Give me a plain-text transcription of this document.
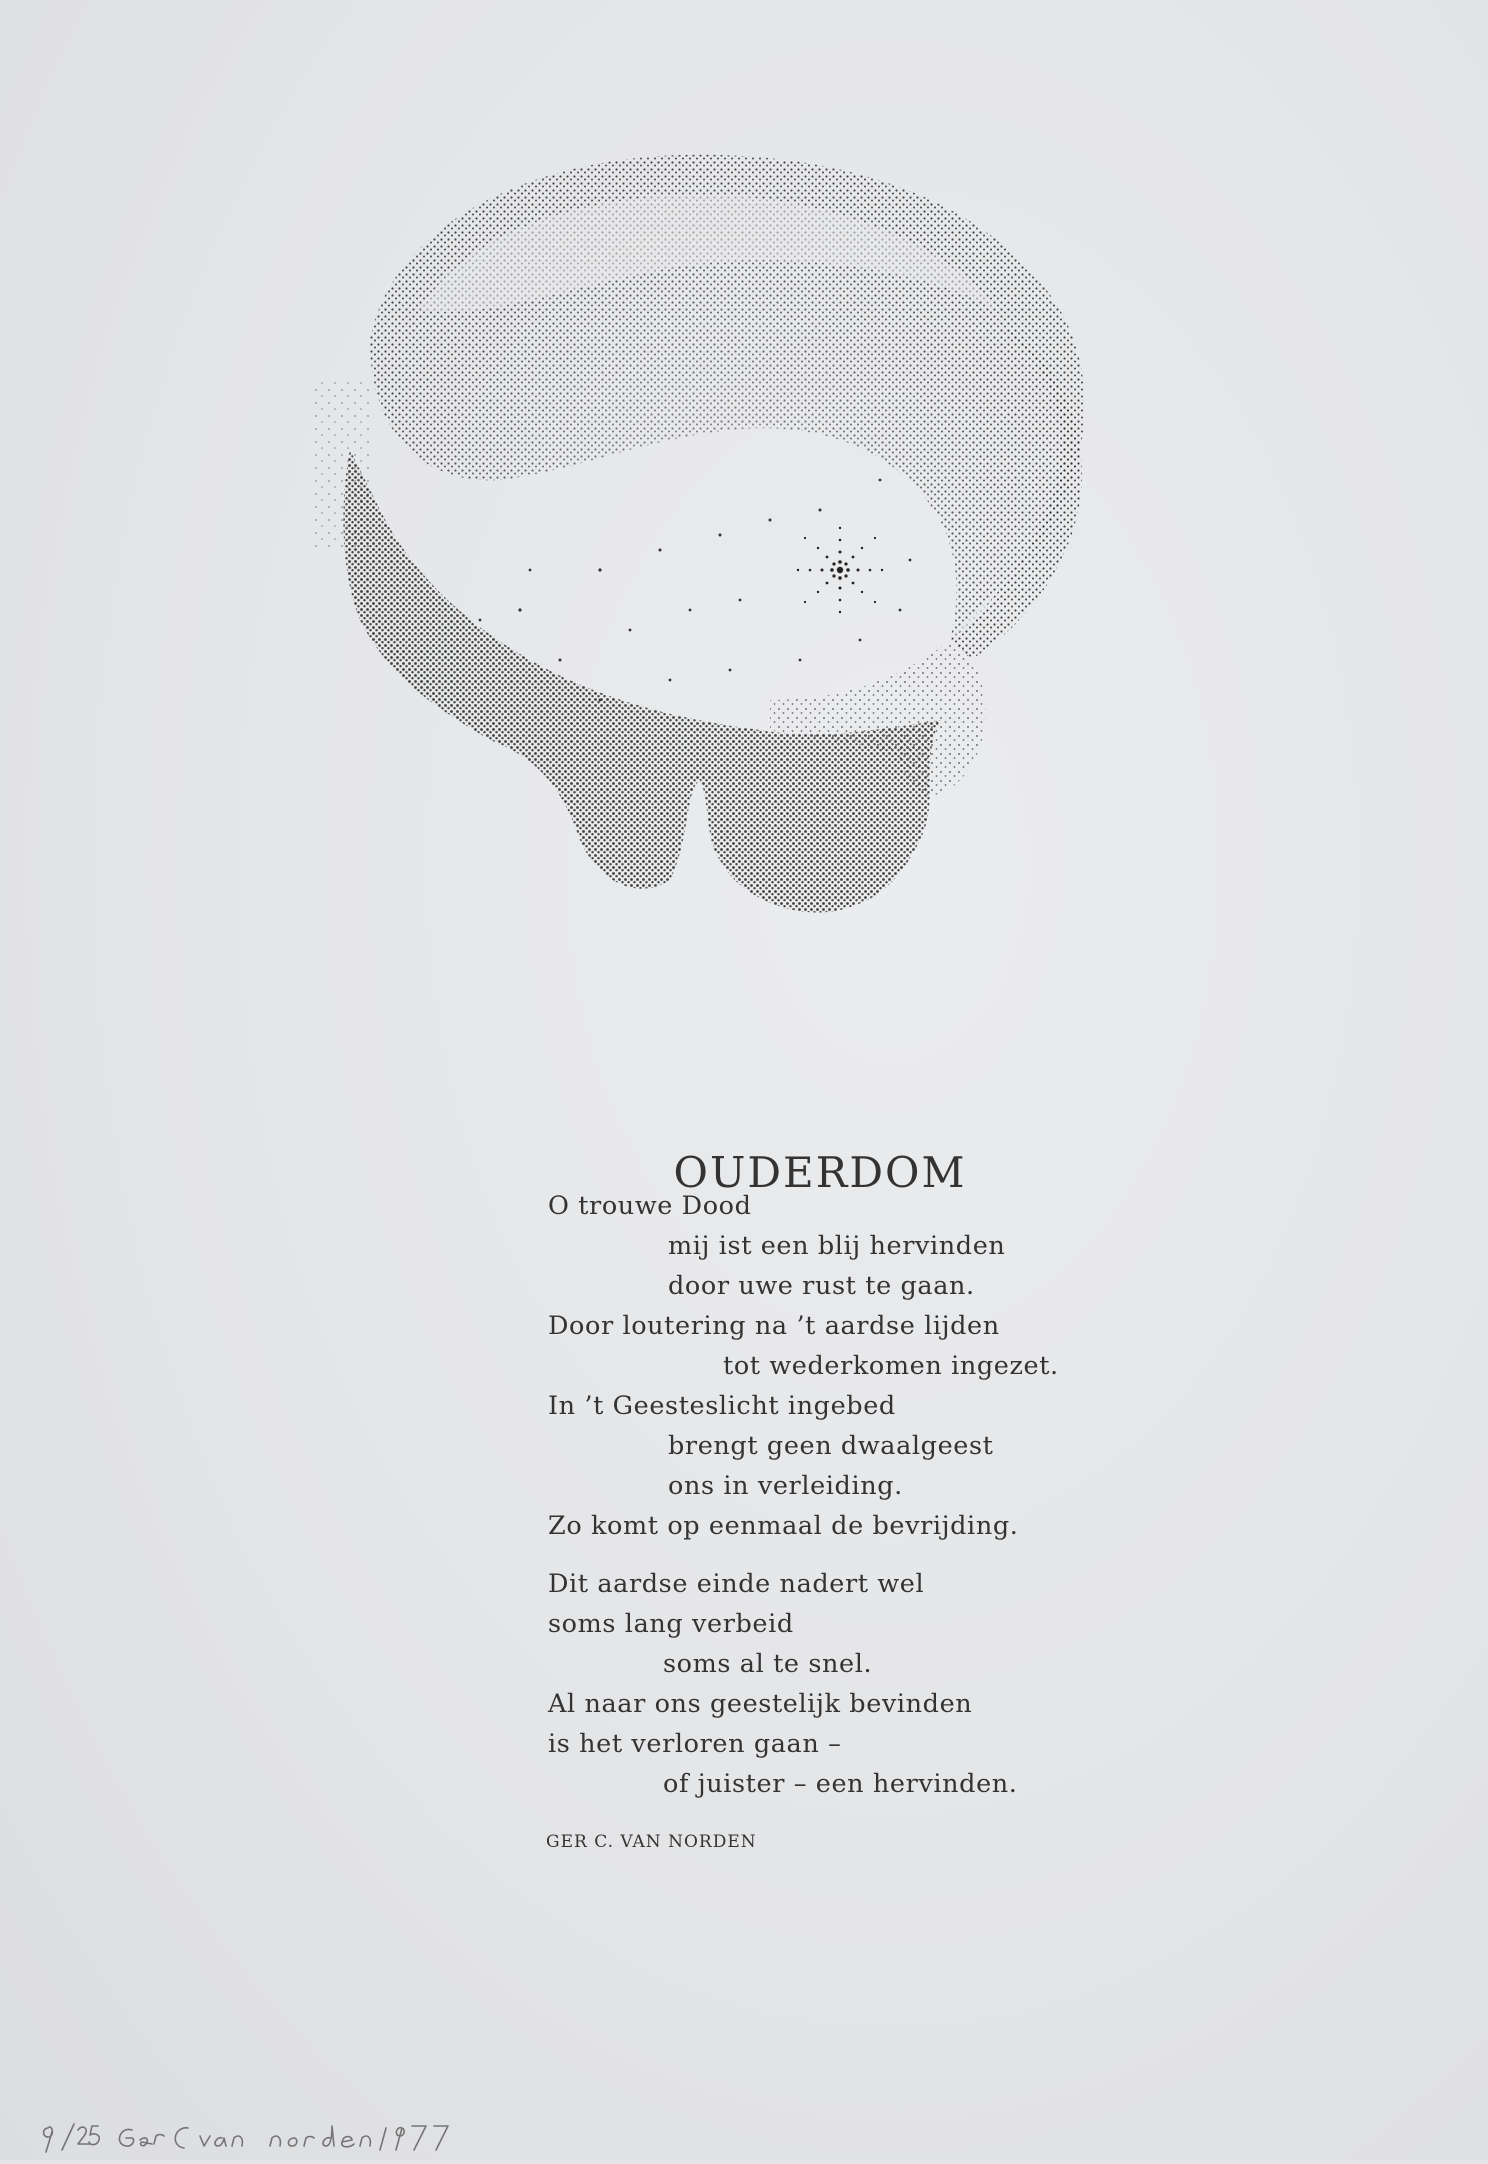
OUDERDOM
O trouwe Dood
mij ist een blij hervinden
door uwe rust te gaan.
Door loutering na ’t aardse lijden
tot wederkomen ingezet.
In ’t Geesteslicht ingebed
brengt geen dwaalgeest
ons in verleiding.
Zo komt op eenmaal de bevrijding.
Dit aardse einde nadert wel
soms lang verbeid
soms al te snel.
Al naar ons geestelijk bevinden
is het verloren gaan –
of juister – een hervinden.
GER C. VAN NORDEN
